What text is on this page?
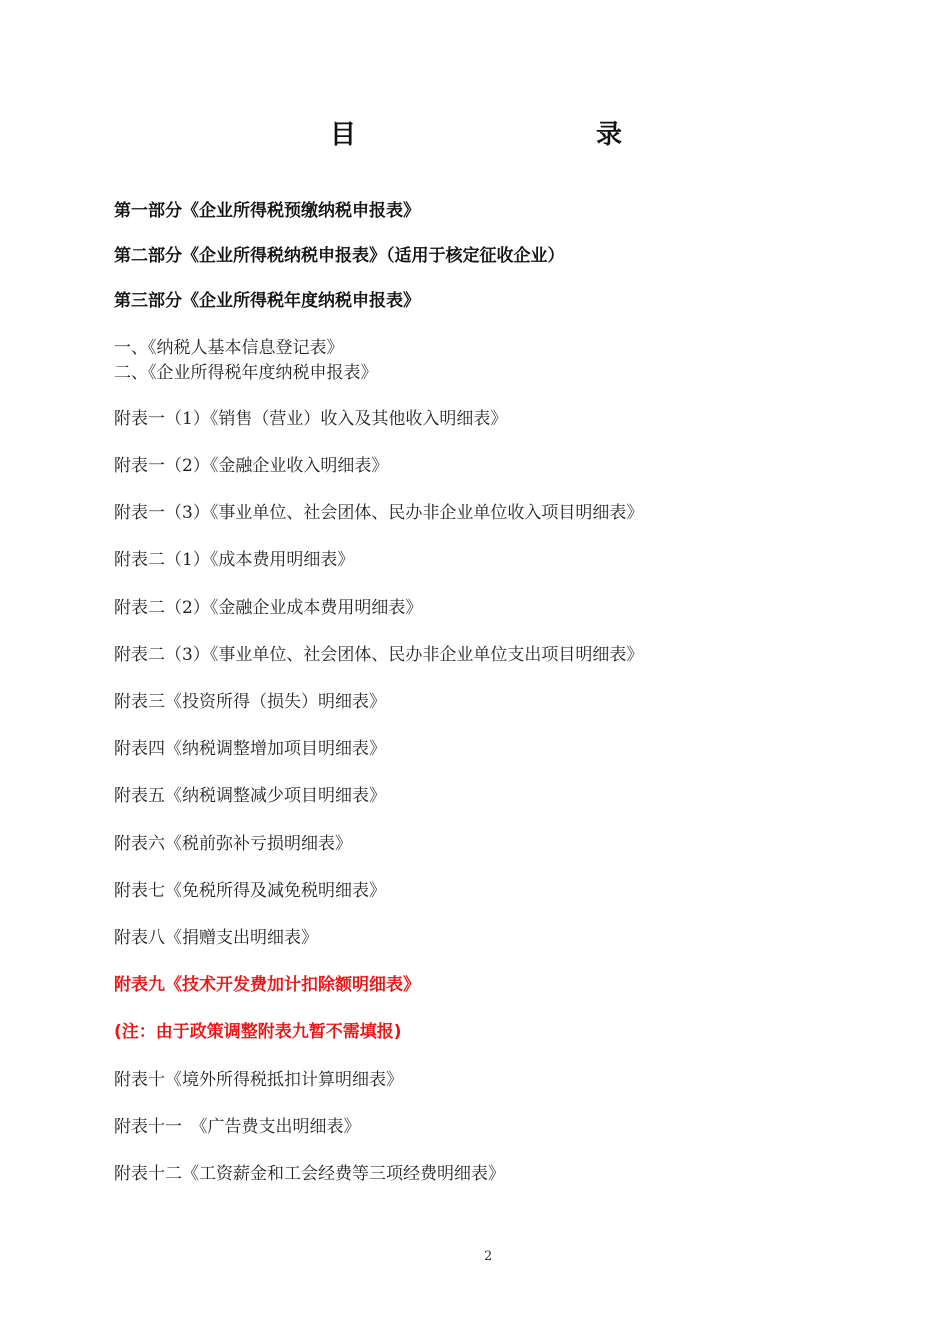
目	录
第一部分《企业所得税预缴纳税申报表》
第二部分《企业所得税纳税申报表》（适用于核定征收企业）
第三部分《企业所得税年度纳税申报表》
一、《纳税人基本信息登记表》
二、《企业所得税年度纳税申报表》
附表一（1）《销售（营业）收入及其他收入明细表》
附表一（2）《金融企业收入明细表》
附表一（3）《事业单位、社会团体、民办非企业单位收入项目明细表》
附表二（1）《成本费用明细表》
附表二（2）《金融企业成本费用明细表》
附表二（3）《事业单位、社会团体、民办非企业单位支出项目明细表》
附表三《投资所得（损失）明细表》
附表四《纳税调整增加项目明细表》
附表五《纳税调整减少项目明细表》
附表六《税前弥补亏损明细表》
附表七《免税所得及减免税明细表》
附表八《捐赠支出明细表》
附表九《技术开发费加计扣除额明细表》
(注：由于政策调整附表九暂不需填报)
附表十《境外所得税抵扣计算明细表》
附表十一　《广告费支出明细表》
附表十二《工资薪金和工会经费等三项经费明细表》
2
